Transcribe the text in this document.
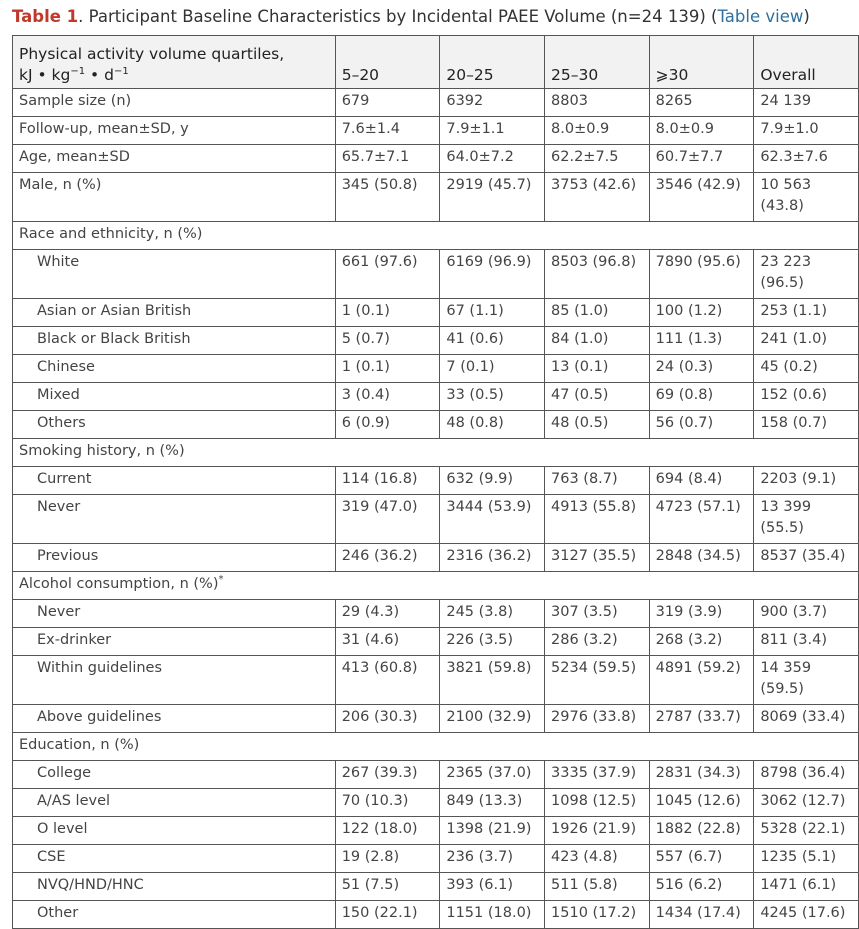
Table 1. Participant Baseline Characteristics by Incidental PAEE Volume (n=24 139) (Table view)
Physical activity volume quartiles,
kJ • $kg^{-1}$ • $d^{-1}$	5–20	20–25	25–30	⩾30	Overall
Sample size (n)	679	6392	8803	8265	24 139
Follow-up, mean±SD, y	7.6±1.4	7.9±1.1	8.0±0.9	8.0±0.9	7.9±1.0
Age, mean±SD	65.7±7.1	64.0±7.2	62.2±7.5	60.7±7.7	62.3±7.6
Male, n (%)	345 (50.8)	2919 (45.7)	3753 (42.6)	3546 (42.9)	10 563 (43.8)
Race and ethnicity, n (%)					
White	661 (97.6)	6169 (96.9)	8503 (96.8)	7890 (95.6)	23 223 (96.5)
Asian or Asian British	1 (0.1)	67 (1.1)	85 (1.0)	100 (1.2)	253 (1.1)
Black or Black British	5 (0.7)	41 (0.6)	84 (1.0)	111 (1.3)	241 (1.0)
Chinese	1 (0.1)	7 (0.1)	13 (0.1)	24 (0.3)	45 (0.2)
Mixed	3 (0.4)	33 (0.5)	47 (0.5)	69 (0.8)	152 (0.6)
Others	6 (0.9)	48 (0.8)	48 (0.5)	56 (0.7)	158 (0.7)
Smoking history, n (%)					
Current	114 (16.8)	632 (9.9)	763 (8.7)	694 (8.4)	2203 (9.1)
Never	319 (47.0)	3444 (53.9)	4913 (55.8)	4723 (57.1)	13 399 (55.5)
Previous	246 (36.2)	2316 (36.2)	3127 (35.5)	2848 (34.5)	8537 (35.4)
Alcohol consumption, n (%)*
Never	29 (4.3)	245 (3.8)	307 (3.5)	319 (3.9)	900 (3.7)
Ex-drinker	31 (4.6)	226 (3.5)	286 (3.2)	268 (3.2)	811 (3.4)
Within guidelines	413 (60.8)	3821 (59.8)	5234 (59.5)	4891 (59.2)	14 359 (59.5)
Above guidelines	206 (30.3)	2100 (32.9)	2976 (33.8)	2787 (33.7)	8069 (33.4)
Education, n (%)					
College	267 (39.3)	2365 (37.0)	3335 (37.9)	2831 (34.3)	8798 (36.4)
A/AS level	70 (10.3)	849 (13.3)	1098 (12.5)	1045 (12.6)	3062 (12.7)
O level	122 (18.0)	1398 (21.9)	1926 (21.9)	1882 (22.8)	5328 (22.1)
CSE	19 (2.8)	236 (3.7)	423 (4.8)	557 (6.7)	1235 (5.1)
NVQ/HND/HNC	51 (7.5)	393 (6.1)	511 (5.8)	516 (6.2)	1471 (6.1)
Other	150 (22.1)	1151 (18.0)	1510 (17.2)	1434 (17.4)	4245 (17.6)
